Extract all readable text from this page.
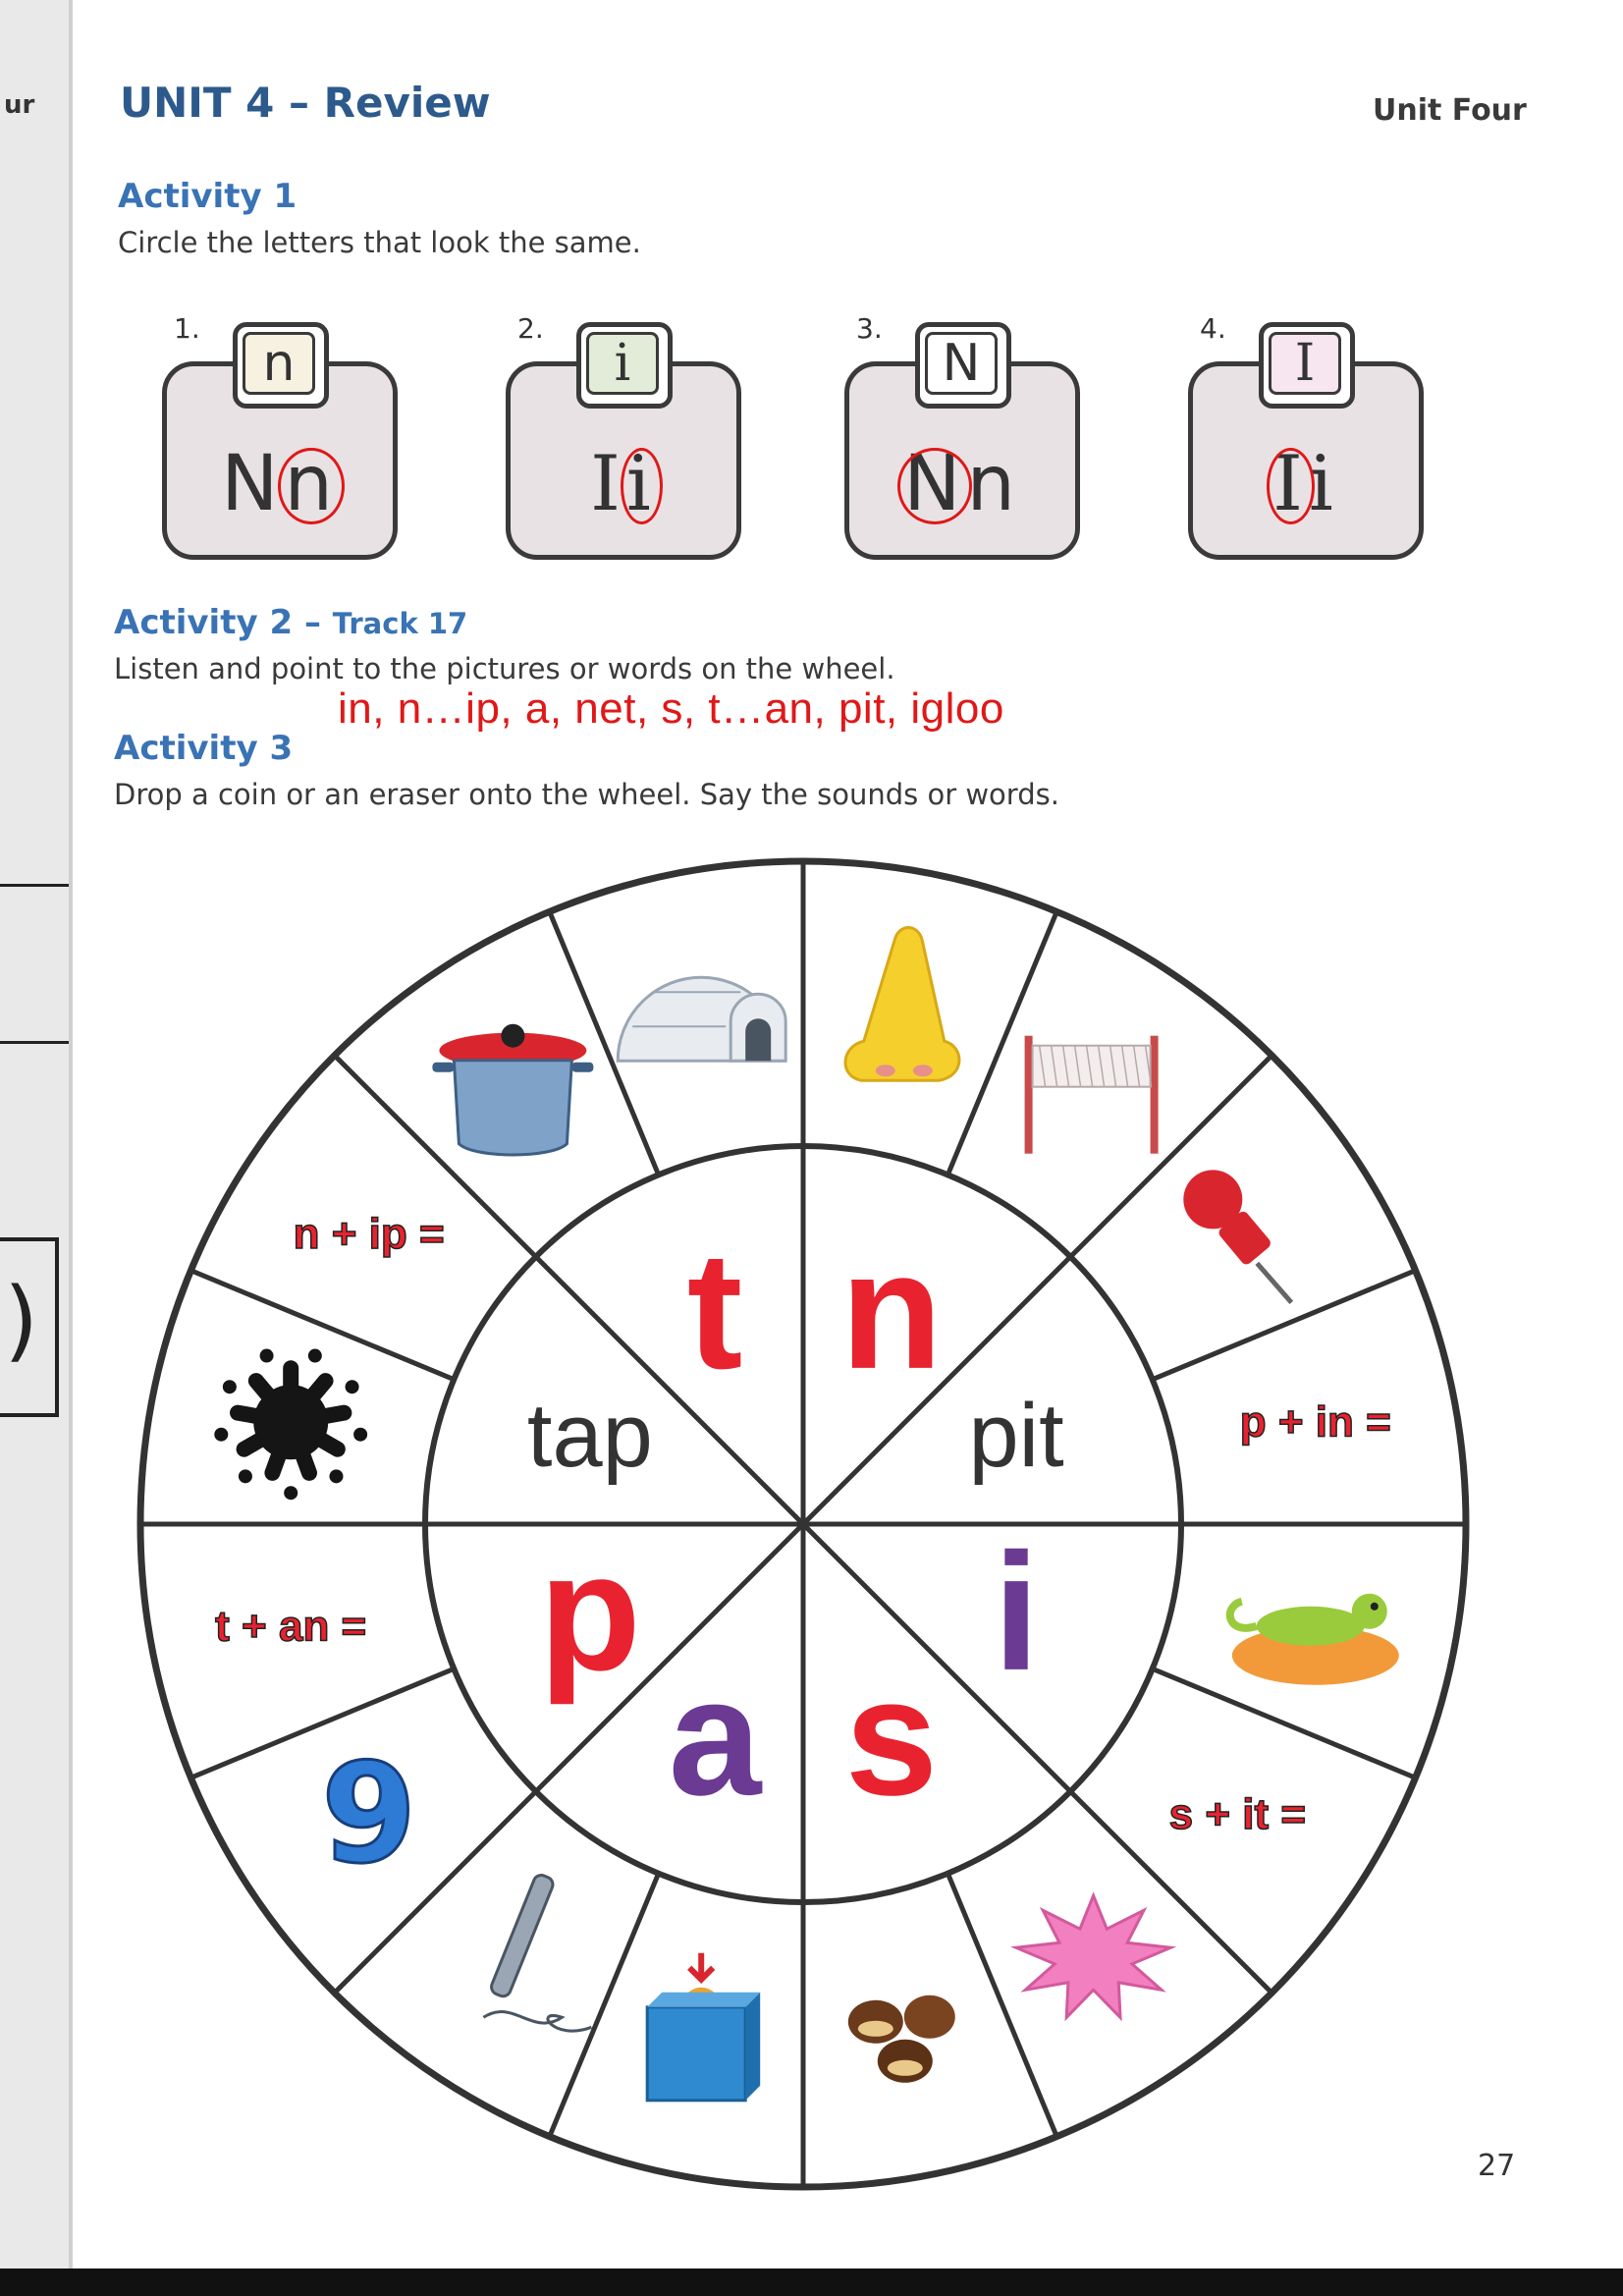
ur
)
UNIT 4 – Review	Unit Four
Activity 1
Circle the letters that look the same.
1.
n
N n
2.
i
I i
3.
N
N n
4.
I
I i
Activity 2 – Track 17
Listen and point to the pictures or words on the wheel.
in, n…ip, a, net, s, t…an, pit, igloo
Activity 3
Drop a coin or an eraser onto the wheel. Say the sounds or words.
n
pit
i
s
a
p
tap
t
p + in =
s + it =
9
t + an =
n + ip =
27
